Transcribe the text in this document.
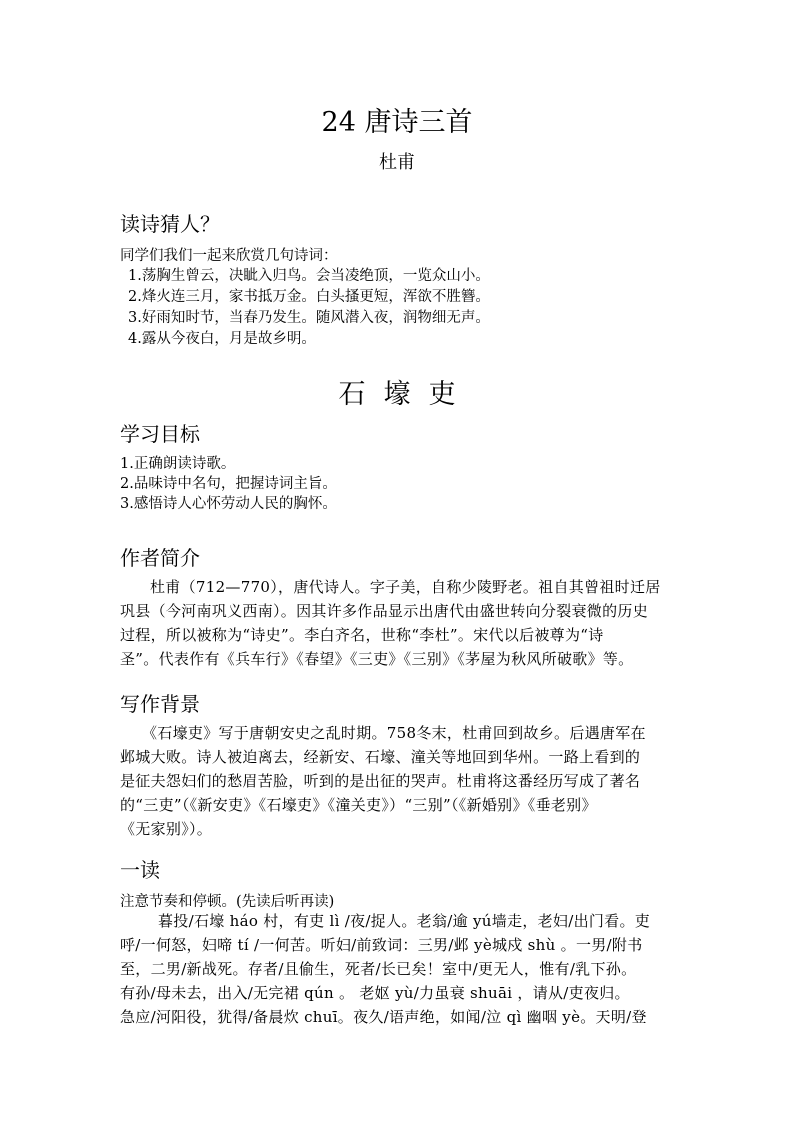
24 唐诗三首
杜甫
读诗猜人？
同学们我们一起来欣赏几句诗词：
1.荡胸生曾云，决眦入归鸟。会当凌绝顶，一览众山小。
2.烽火连三月，家书抵万金。白头搔更短，浑欲不胜簪。
3.好雨知时节，当春乃发生。随风潜入夜，润物细无声。
4.露从今夜白，月是故乡明。
石壕吏
学习目标
1.正确朗读诗歌。
2.品味诗中名句，把握诗词主旨。
3.感悟诗人心怀劳动人民的胸怀。
作者简介
杜甫（712—770），唐代诗人。字子美，自称少陵野老。祖自其曾祖时迁居
巩县（今河南巩义西南）。因其许多作品显示出唐代由盛世转向分裂衰微的历史
过程，所以被称为“诗史”。李白齐名，世称“李杜”。宋代以后被尊为“诗
圣”。代表作有《兵车行》《春望》《三吏》《三别》《茅屋为秋风所破歌》等。
写作背景
《石壕吏》写于唐朝安史之乱时期。758冬末，杜甫回到故乡。后遇唐军在
邺城大败。诗人被迫离去，经新安、石壕、潼关等地回到华州。一路上看到的
是征夫怨妇们的愁眉苦脸，听到的是出征的哭声。杜甫将这番经历写成了著名
的“三吏”（《新安吏》《石壕吏》《潼关吏》）“三别”（《新婚别》《垂老别》
《无家别》）。
一读
注意节奏和停顿。(先读后听再读)
暮投/石壕 háo 村，有吏 lì /夜/捉人。老翁/逾 yú墙走，老妇/出门看。吏
呼/一何怒，妇啼 tí /一何苦。听妇/前致词：三男/邺 yè城戍 shù 。一男/附书
至，二男/新战死。存者/且偷生，死者/长已矣！室中/更无人，惟有/乳下孙。
有孙/母未去，出入/无完裙 qún 。 老妪 yù/力虽衰 shuāi ，请从/吏夜归。
急应/河阳役，犹得/备晨炊 chuī。夜久/语声绝，如闻/泣 qì 幽咽 yè。天明/登
